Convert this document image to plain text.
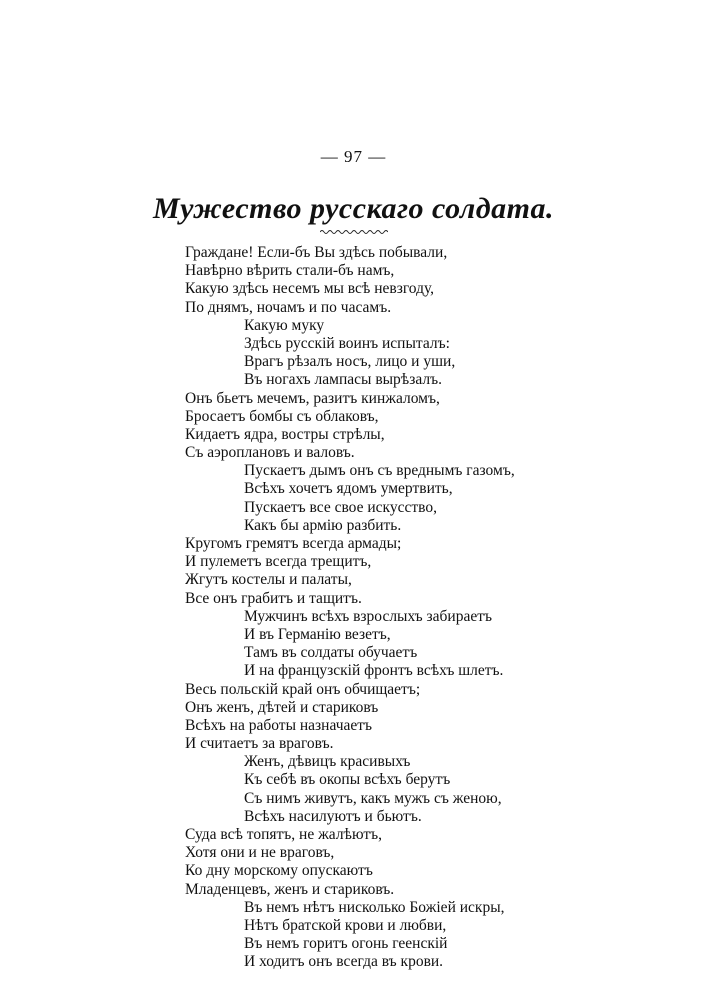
— 97 —
Мужество русскаго солдата.
Граждане! Если-бъ Вы здѣсь побывали,
Навѣрно вѣрить стали-бъ намъ,
Какую здѣсь несемъ мы всѣ невзгоду,
По днямъ, ночамъ и по часамъ.
Какую муку
Здѣсь русскій воинъ испыталъ:
Врагъ рѣзалъ носъ, лицо и уши,
Въ ногахъ лампасы вырѣзалъ.
Онъ бьетъ мечемъ, разитъ кинжаломъ,
Бросаетъ бомбы съ облаковъ,
Кидаетъ ядра, востры стрѣлы,
Съ аэроплановъ и валовъ.
Пускаетъ дымъ онъ съ вреднымъ газомъ,
Всѣхъ хочетъ ядомъ умертвить,
Пускаетъ все свое искусство,
Какъ бы армію разбить.
Кругомъ гремятъ всегда армады;
И пулеметъ всегда трещитъ,
Жгутъ костелы и палаты,
Все онъ грабитъ и тащитъ.
Мужчинъ всѣхъ взрослыхъ забираетъ
И въ Германію везетъ,
Тамъ въ солдаты обучаетъ
И на французскій фронтъ всѣхъ шлетъ.
Весь польскій край онъ обчищаетъ;
Онъ женъ, дѣтей и стариковъ
Всѣхъ на работы назначаетъ
И считаетъ за враговъ.
Женъ, дѣвицъ красивыхъ
Къ себѣ въ окопы всѣхъ берутъ
Съ нимъ живутъ, какъ мужъ съ женою,
Всѣхъ насилуютъ и бьютъ.
Суда всѣ топятъ, не жалѣютъ,
Хотя они и не враговъ,
Ко дну морскому опускаютъ
Младенцевъ, женъ и стариковъ.
Въ немъ нѣтъ нисколько Божіей искры,
Нѣтъ братской крови и любви,
Въ немъ горитъ огонь геенскій
И ходитъ онъ всегда въ крови.
